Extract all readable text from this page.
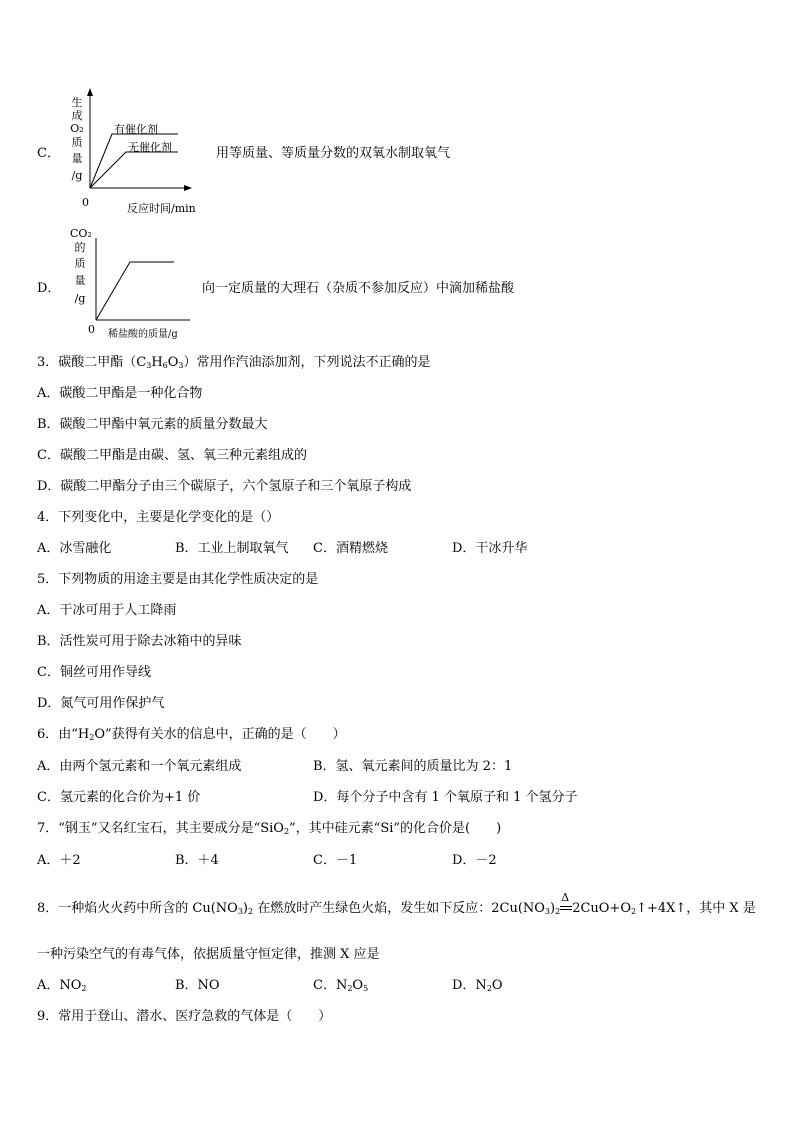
C．
生
成
O₂
质
量
/g
有催化剂
无催化剂
0	反应时间/min
用等质量、等质量分数的双氧水制取氧气
D．
CO₂
的
质
量
/g
0 稀盐酸的质量/g
向一定质量的大理石（杂质不参加反应）中滴加稀盐酸
3．碳酸二甲酯$(C_3H_6O_3)$常用作汽油添加剂，下列说法不正确的是
A．碳酸二甲酯是一种化合物
B．碳酸二甲酯中氧元素的质量分数最大
C．碳酸二甲酯是由碳、氢、氧三种元素组成的
D．碳酸二甲酯分子由三个碳原子，六个氢原子和三个氧原子构成
4．下列变化中，主要是化学变化的是（）
A．冰雪融化	B．工业上制取氧气 C．酒精燃烧	D．干冰升华
5．下列物质的用途主要是由其化学性质决定的是
A．干冰可用于人工降雨
B．活性炭可用于除去冰箱中的异味
C．铜丝可用作导线
D．氮气可用作保护气
6．由“$H_2O$”获得有关水的信息中，正确的是（　　）
A．由两个氢元素和一个氧元素组成	B．氢、氧元素间的质量比为 2：1
C．氢元素的化合价为+1 价	D．每个分子中含有 1 个氧原子和 1 个氢分子
7．“钢玉”又名红宝石，其主要成分是“SiO$_2$”，其中硅元素“Si”的化合价是(　　)
A．＋2	B．＋4	C．－1	D．－2
8．一种焰火火药中所含的 $Cu(NO_3)_2$ 在燃放时产生绿色火焰，发生如下反应：$2Cu(NO_3)_2$
Δ
$2CuO+O_2↑+4X↑$，其中 X 是
一种污染空气的有毒气体，依据质量守恒定律，推测 X 应是
A．$NO_2$	B．NO	C．$N_2O_5$	D．$N_2O$
9．常用于登山、潜水、医疗急救的气体是（　　）
